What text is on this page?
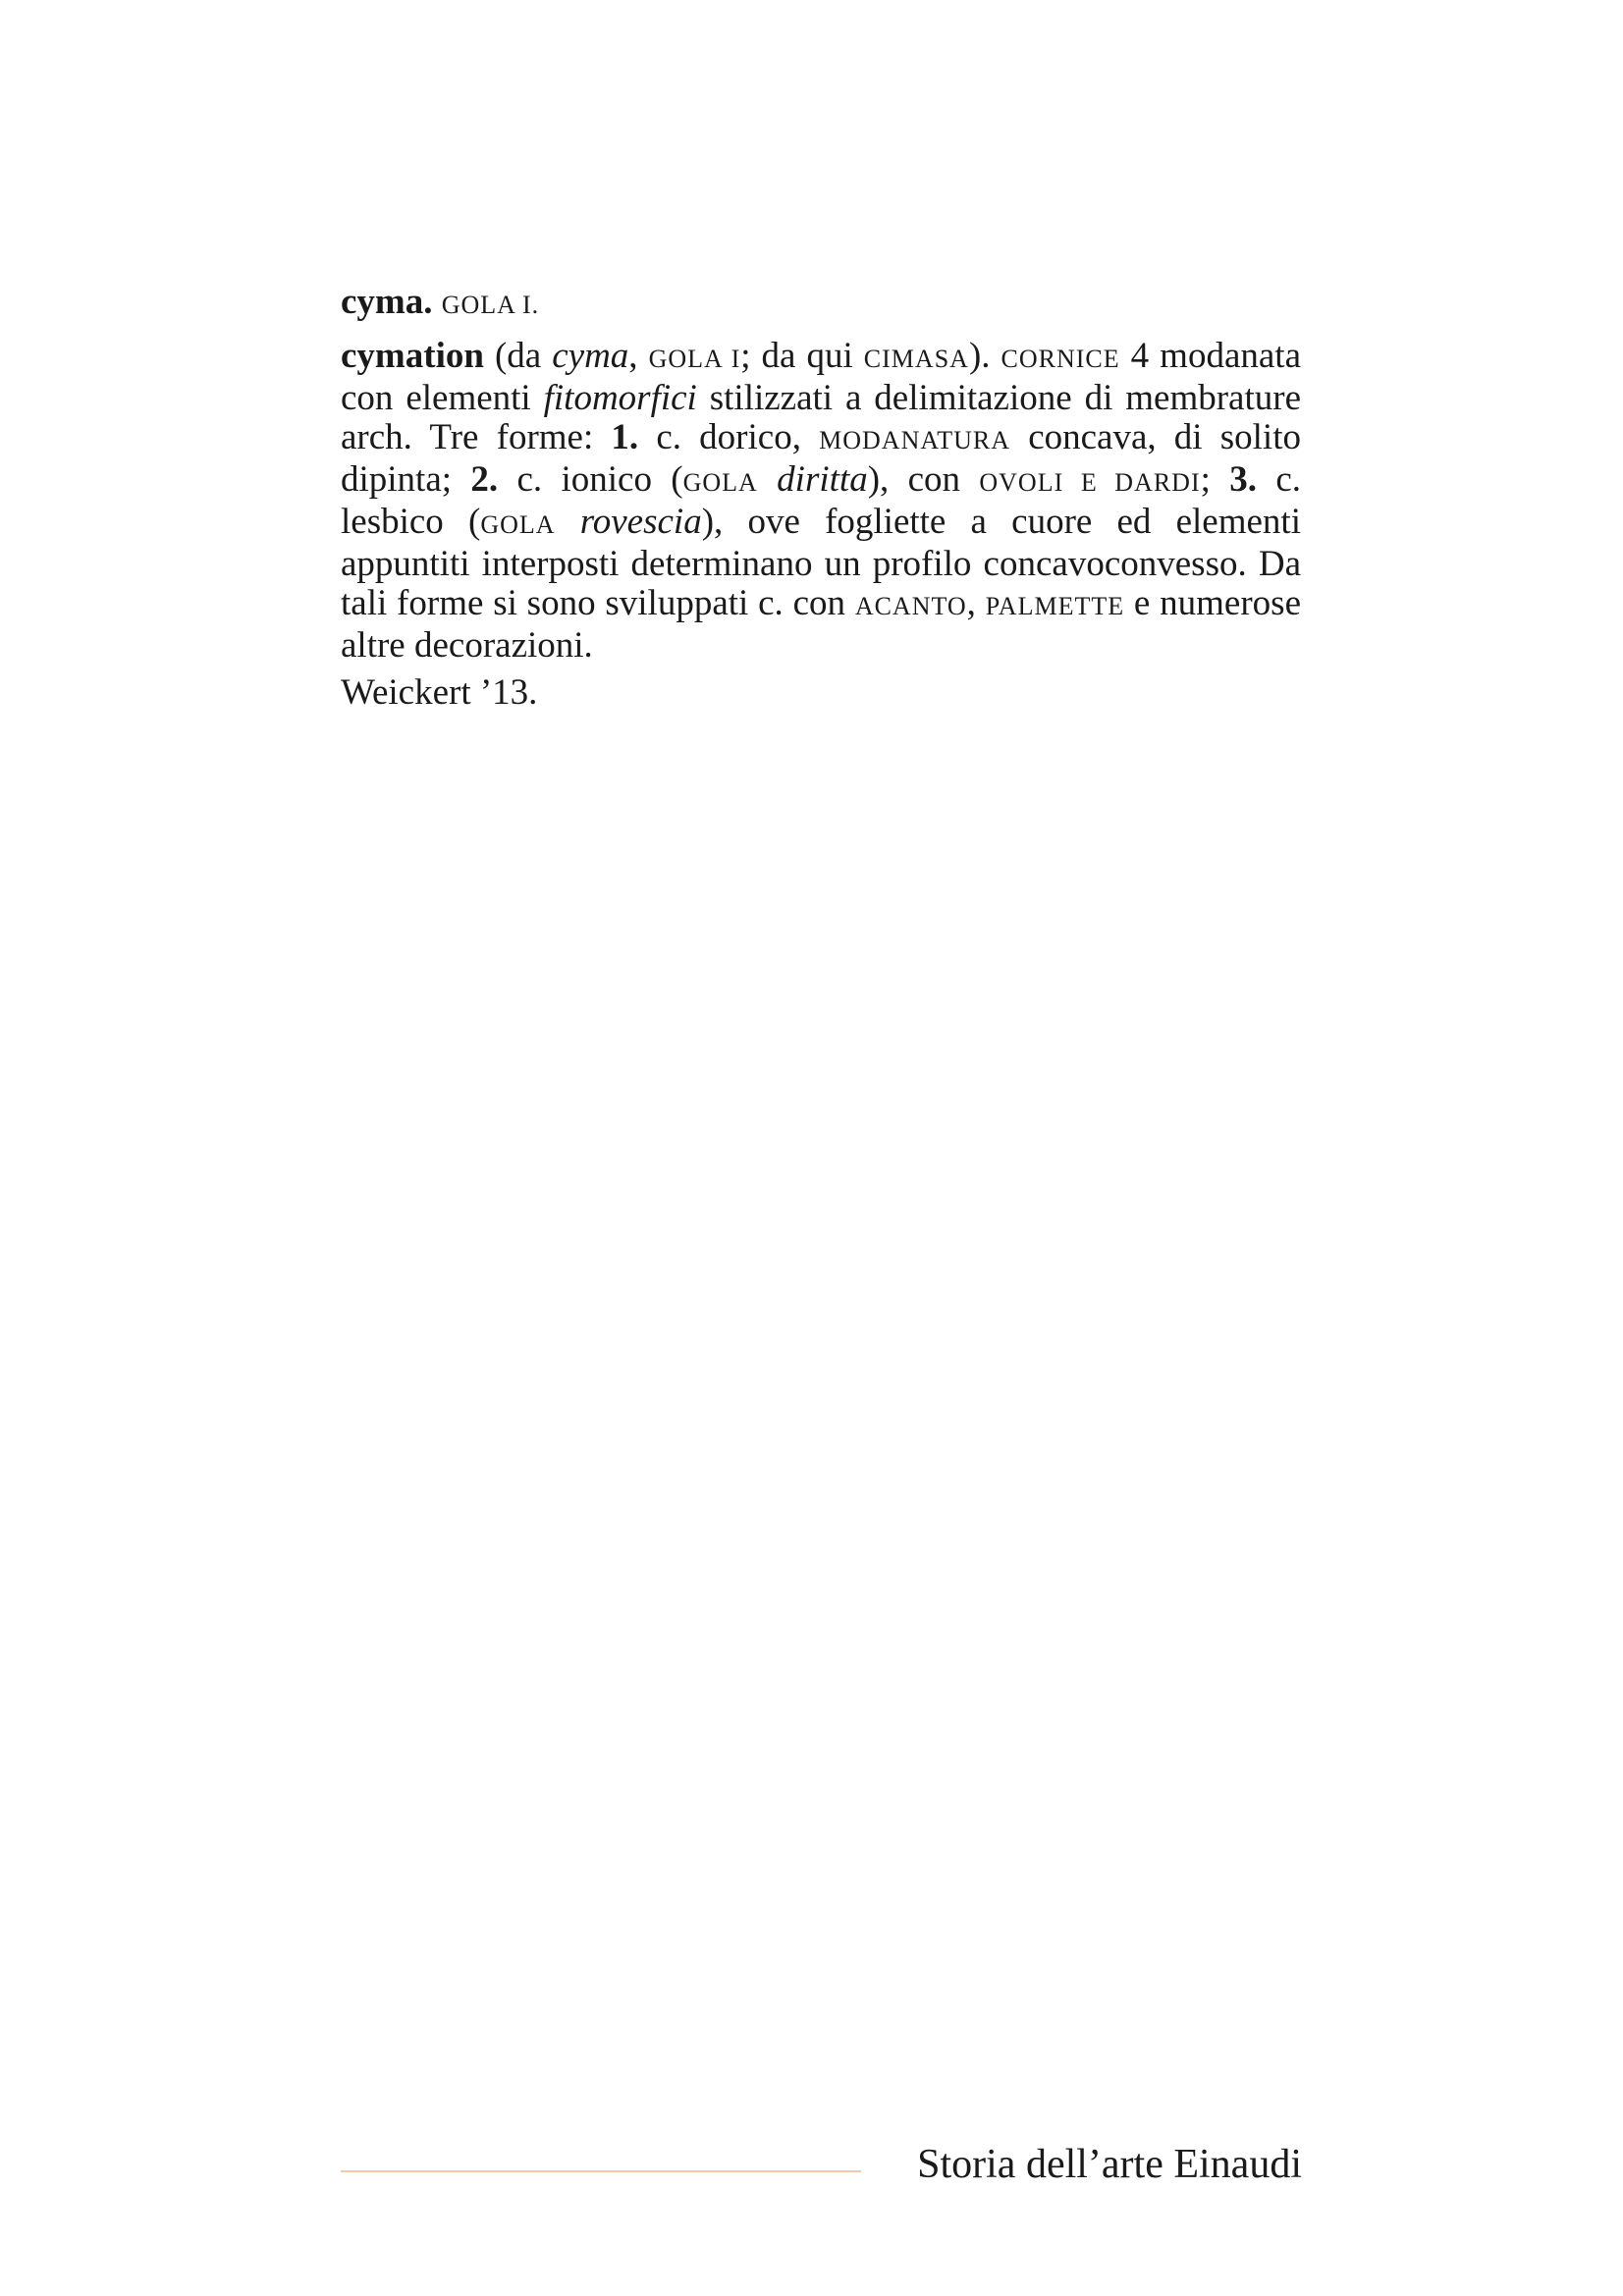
cyma. GOLA I.

cymation (da cyma, GOLA I; da qui CIMASA). CORNICE 4 modanata con elementi fitomorfici stilizzati a delimitazione di membrature arch. Tre forme: 1. c. dorico, MODANATURA concava, di solito dipinta; 2. c. ionico (GOLA diritta), con OVOLI E DARDI; 3. c. lesbico (GOLA rovescia), ove fogliette a cuore ed elementi appuntiti interposti determinano un profilo concavoconvesso. Da tali forme si sono sviluppati c. con ACANTO, PALMETTE e numerose altre decorazioni.

Weickert ’13.

Storia dell’arte Einaudi
